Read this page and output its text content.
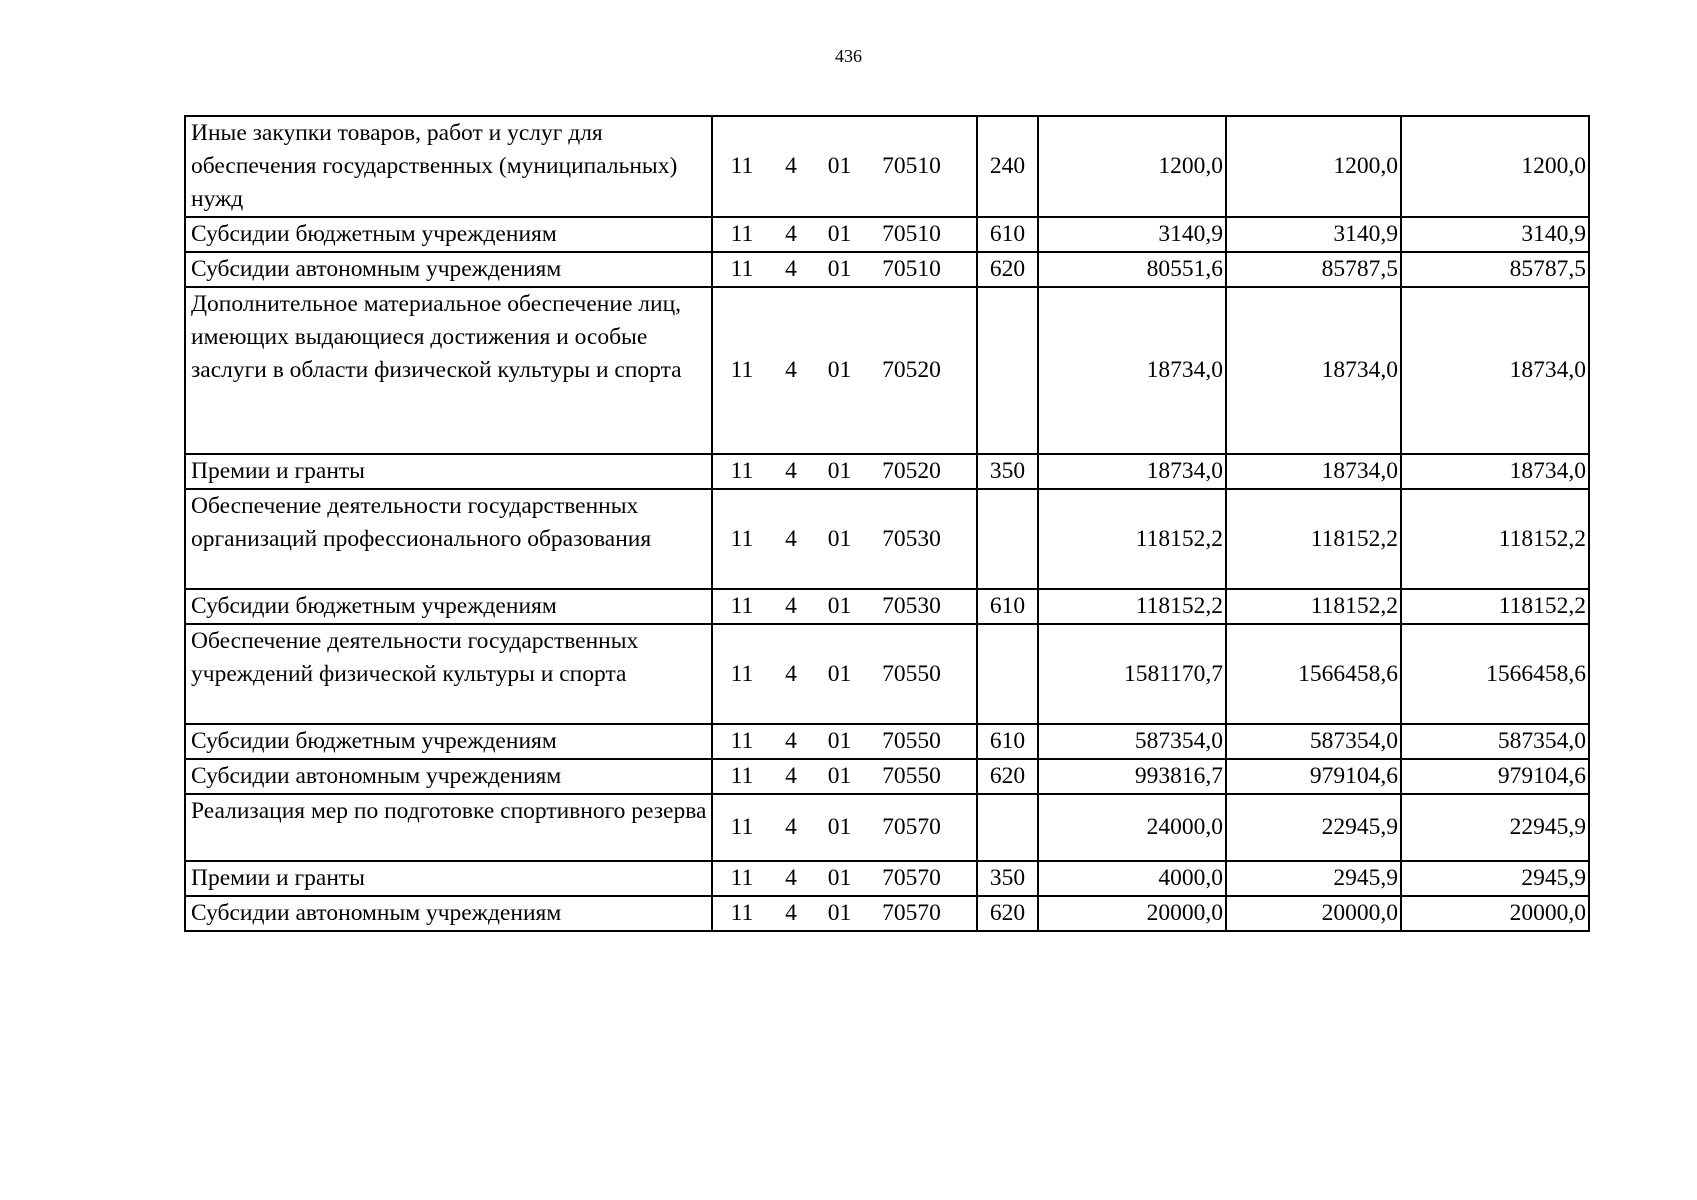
436
Иные закупки товаров, работ и услуг для обеспечения государственных (муниципальных) нужд	11 4 01 70510	240	1200,0	1200,0	1200,0
Субсидии бюджетным учреждениям	11 4 01 70510	610	3140,9	3140,9	3140,9
Субсидии автономным учреждениям	11 4 01 70510	620	80551,6	85787,5	85787,5
Дополнительное материальное обеспечение лиц, имеющих выдающиеся достижения и особые заслуги в области физической культуры и спорта	11 4 01 70520		18734,0	18734,0	18734,0
Премии и гранты	11 4 01 70520	350	18734,0	18734,0	18734,0
Обеспечение деятельности государственных организаций профессионального образования	11 4 01 70530		118152,2	118152,2	118152,2
Субсидии бюджетным учреждениям	11 4 01 70530	610	118152,2	118152,2	118152,2
Обеспечение деятельности государственных учреждений физической культуры и спорта	11 4 01 70550		1581170,7	1566458,6	1566458,6
Субсидии бюджетным учреждениям	11 4 01 70550	610	587354,0	587354,0	587354,0
Субсидии автономным учреждениям	11 4 01 70550	620	993816,7	979104,6	979104,6
Реализация мер по подготовке спортивного резерва	11 4 01 70570		24000,0	22945,9	22945,9
Премии и гранты	11 4 01 70570	350	4000,0	2945,9	2945,9
Субсидии автономным учреждениям	11 4 01 70570	620	20000,0	20000,0	20000,0
